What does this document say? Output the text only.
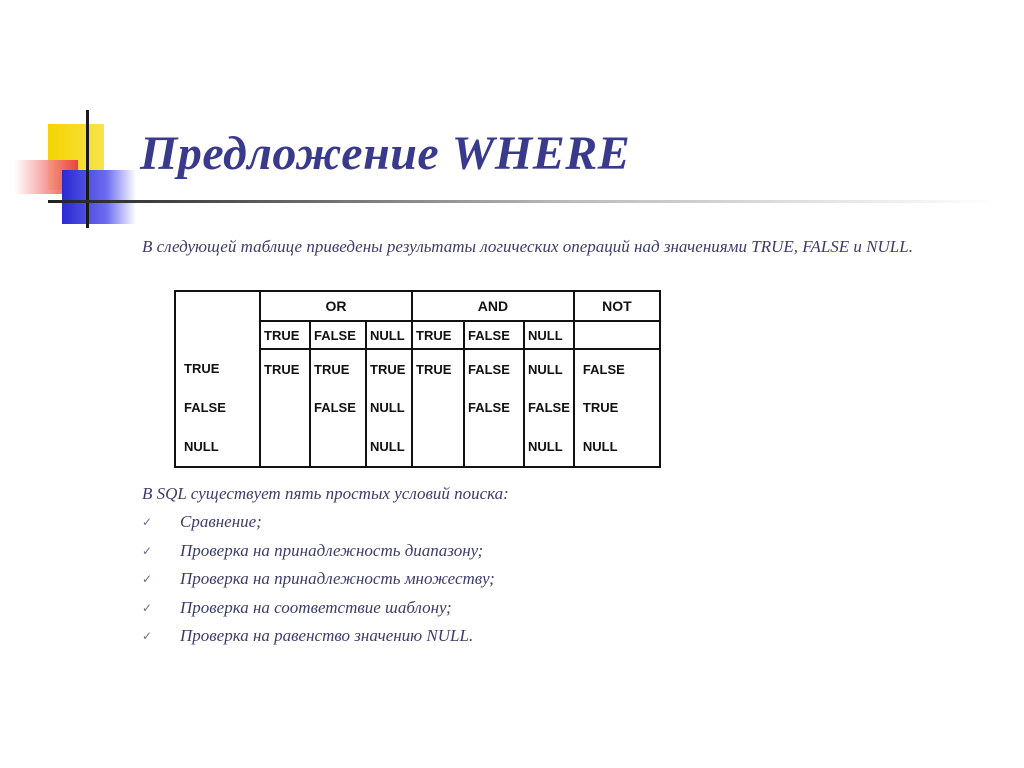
Предложение WHERE
В следующей таблице приведены результаты логических операций над значениями TRUE, FALSE и NULL.
	OR			AND			NOT
	TRUE	FALSE	NULL	TRUE	FALSE	NULL	
TRUE	TRUE	TRUE	TRUE	TRUE	FALSE	NULL	FALSE
FALSE		FALSE	NULL		FALSE	FALSE	TRUE
NULL			NULL			NULL	NULL
В SQL существует пять простых условий поиска:
✓	Сравнение;
✓	Проверка на принадлежность диапазону;
✓	Проверка на принадлежность множеству;
✓	Проверка на соответствие шаблону;
✓	Проверка на равенство значению NULL.
